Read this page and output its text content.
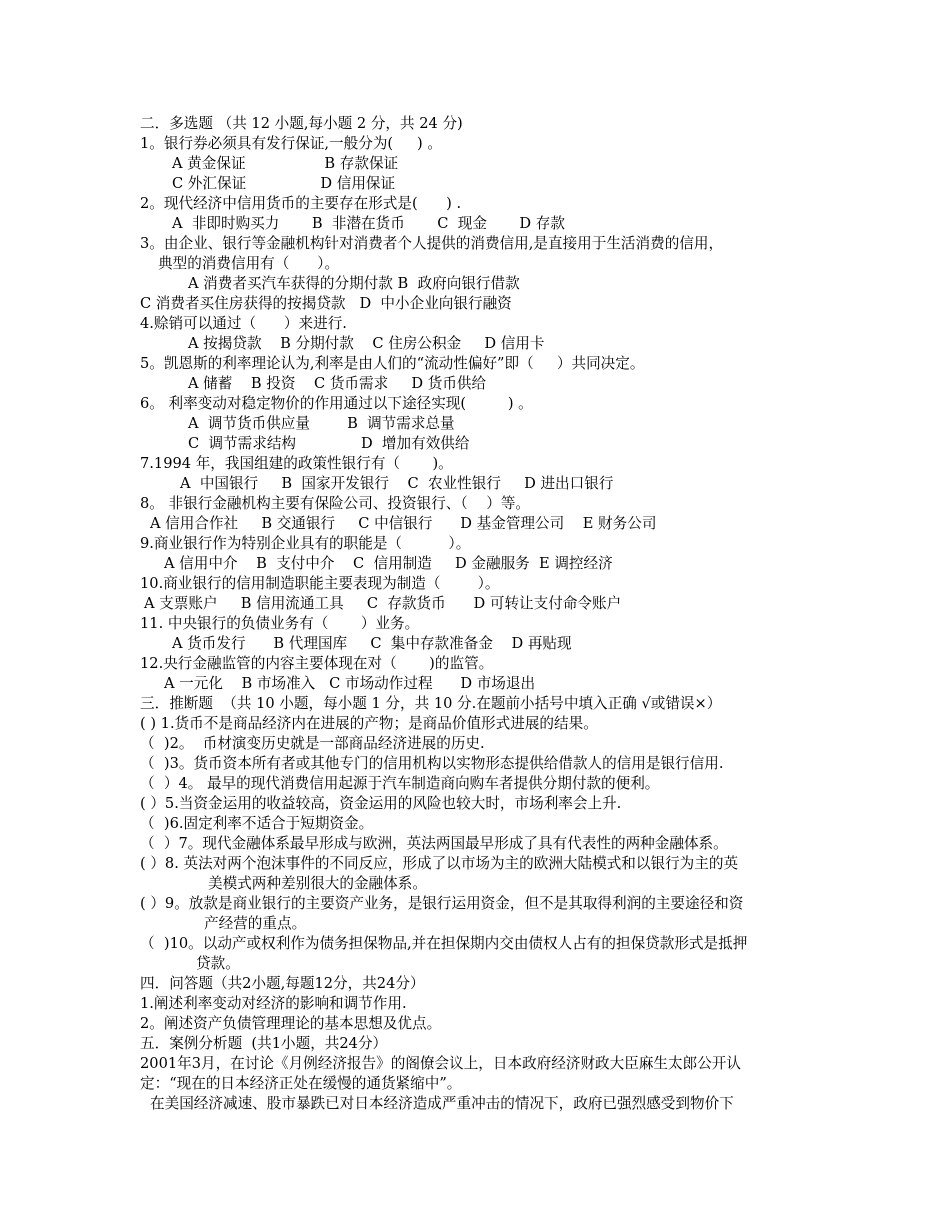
二．多选题 （共 12 小题,每小题 2 分，共 24 分)
1。银行券必须具有发行保证,一般分为(　  ) 。
A 黄金保证                 B 存款保证
C 外汇保证                D 信用保证
2。现代经济中信用货币的主要存在形式是(　   ) .
A  非即时购买力       B  非潜在货币       C  现金       D 存款
3。由企业、银行等金融机构针对消费者个人提供的消费信用,是直接用于生活消费的信用，
典型的消费信用有（      ）。
A 消费者买汽车获得的分期付款 B  政府向银行借款
C 消费者买住房获得的按揭贷款   D  中小企业向银行融资
4.赊销可以通过（      ）来进行.
A 按揭贷款    B 分期付款    C 住房公积金     D 信用卡
5。凯恩斯的利率理论认为,利率是由人们的“流动性偏好”即（     ）共同决定。
A 储蓄    B 投资    C 货币需求     D 货币供给
6。 利率变动对稳定物价的作用通过以下途径实现(         ) 。
A  调节货币供应量        B  调节需求总量
C  调节需求结构              D  增加有效供给
7.1994 年，我国组建的政策性银行有（       )。
A  中国银行     B  国家开发银行    C  农业性银行     D 进出口银行
8。 非银行金融机构主要有保险公司、投资银行、（    ）等。
A 信用合作社     B 交通银行     C 中信银行      D 基金管理公司    E 财务公司
9.商业银行作为特别企业具有的职能是（          ）。
A 信用中介    B  支付中介    C  信用制造     D 金融服务  E 调控经济
10.商业银行的信用制造职能主要表现为制造（        ）。
A 支票账户     B 信用流通工具     C  存款货币      D 可转让支付命令账户
11. 中央银行的负债业务有（       ）业务。
A 货币发行      B 代理国库     C  集中存款准备金    D 再贴现
12.央行金融监管的内容主要体现在对（       )的监管。
A 一元化    B 市场准入   C 市场动作过程      D 市场退出
三．推断题  （共 10 小题，每小题 1 分，共 10 分.在题前小括号中填入正确 √或错误×）
( ) 1.货币不是商品经济内在进展的产物；是商品价值形式进展的结果。
（  )2。  币材演变历史就是一部商品经济进展的历史.
（  )3。货币资本所有者或其他专门的信用机构以实物形态提供给借款人的信用是银行信用.
（  ）4。 最早的现代消费信用起源于汽车制造商向购车者提供分期付款的便利。
( ）5.当资金运用的收益较高，资金运用的风险也较大时，市场利率会上升.
（  )6.固定利率不适合于短期资金。
（  ）7。现代金融体系最早形成与欧洲，英法两国最早形成了具有代表性的两种金融体系。
( ）8. 英法对两个泡沫事件的不同反应，形成了以市场为主的欧洲大陆模式和以银行为主的英
美模式两种差别很大的金融体系。
( ）9。放款是商业银行的主要资产业务，是银行运用资金，但不是其取得利润的主要途径和资
产经营的重点。
（  )10。以动产或权利作为债务担保物品,并在担保期内交由债权人占有的担保贷款形式是抵押
贷款。
四．问答题（共2小题,每题12分，共24分）
1.阐述利率变动对经济的影响和调节作用.
2。阐述资产负债管理理论的基本思想及优点。
五．案例分析题  (共1小题，共24分）
2001年3月，在讨论《月例经济报告》的阁僚会议上，日本政府经济财政大臣麻生太郎公开认
定：“现在的日本经济正处在缓慢的通货紧缩中”。
在美国经济减速、股市暴跌已对日本经济造成严重冲击的情况下，政府已强烈感受到物价下
